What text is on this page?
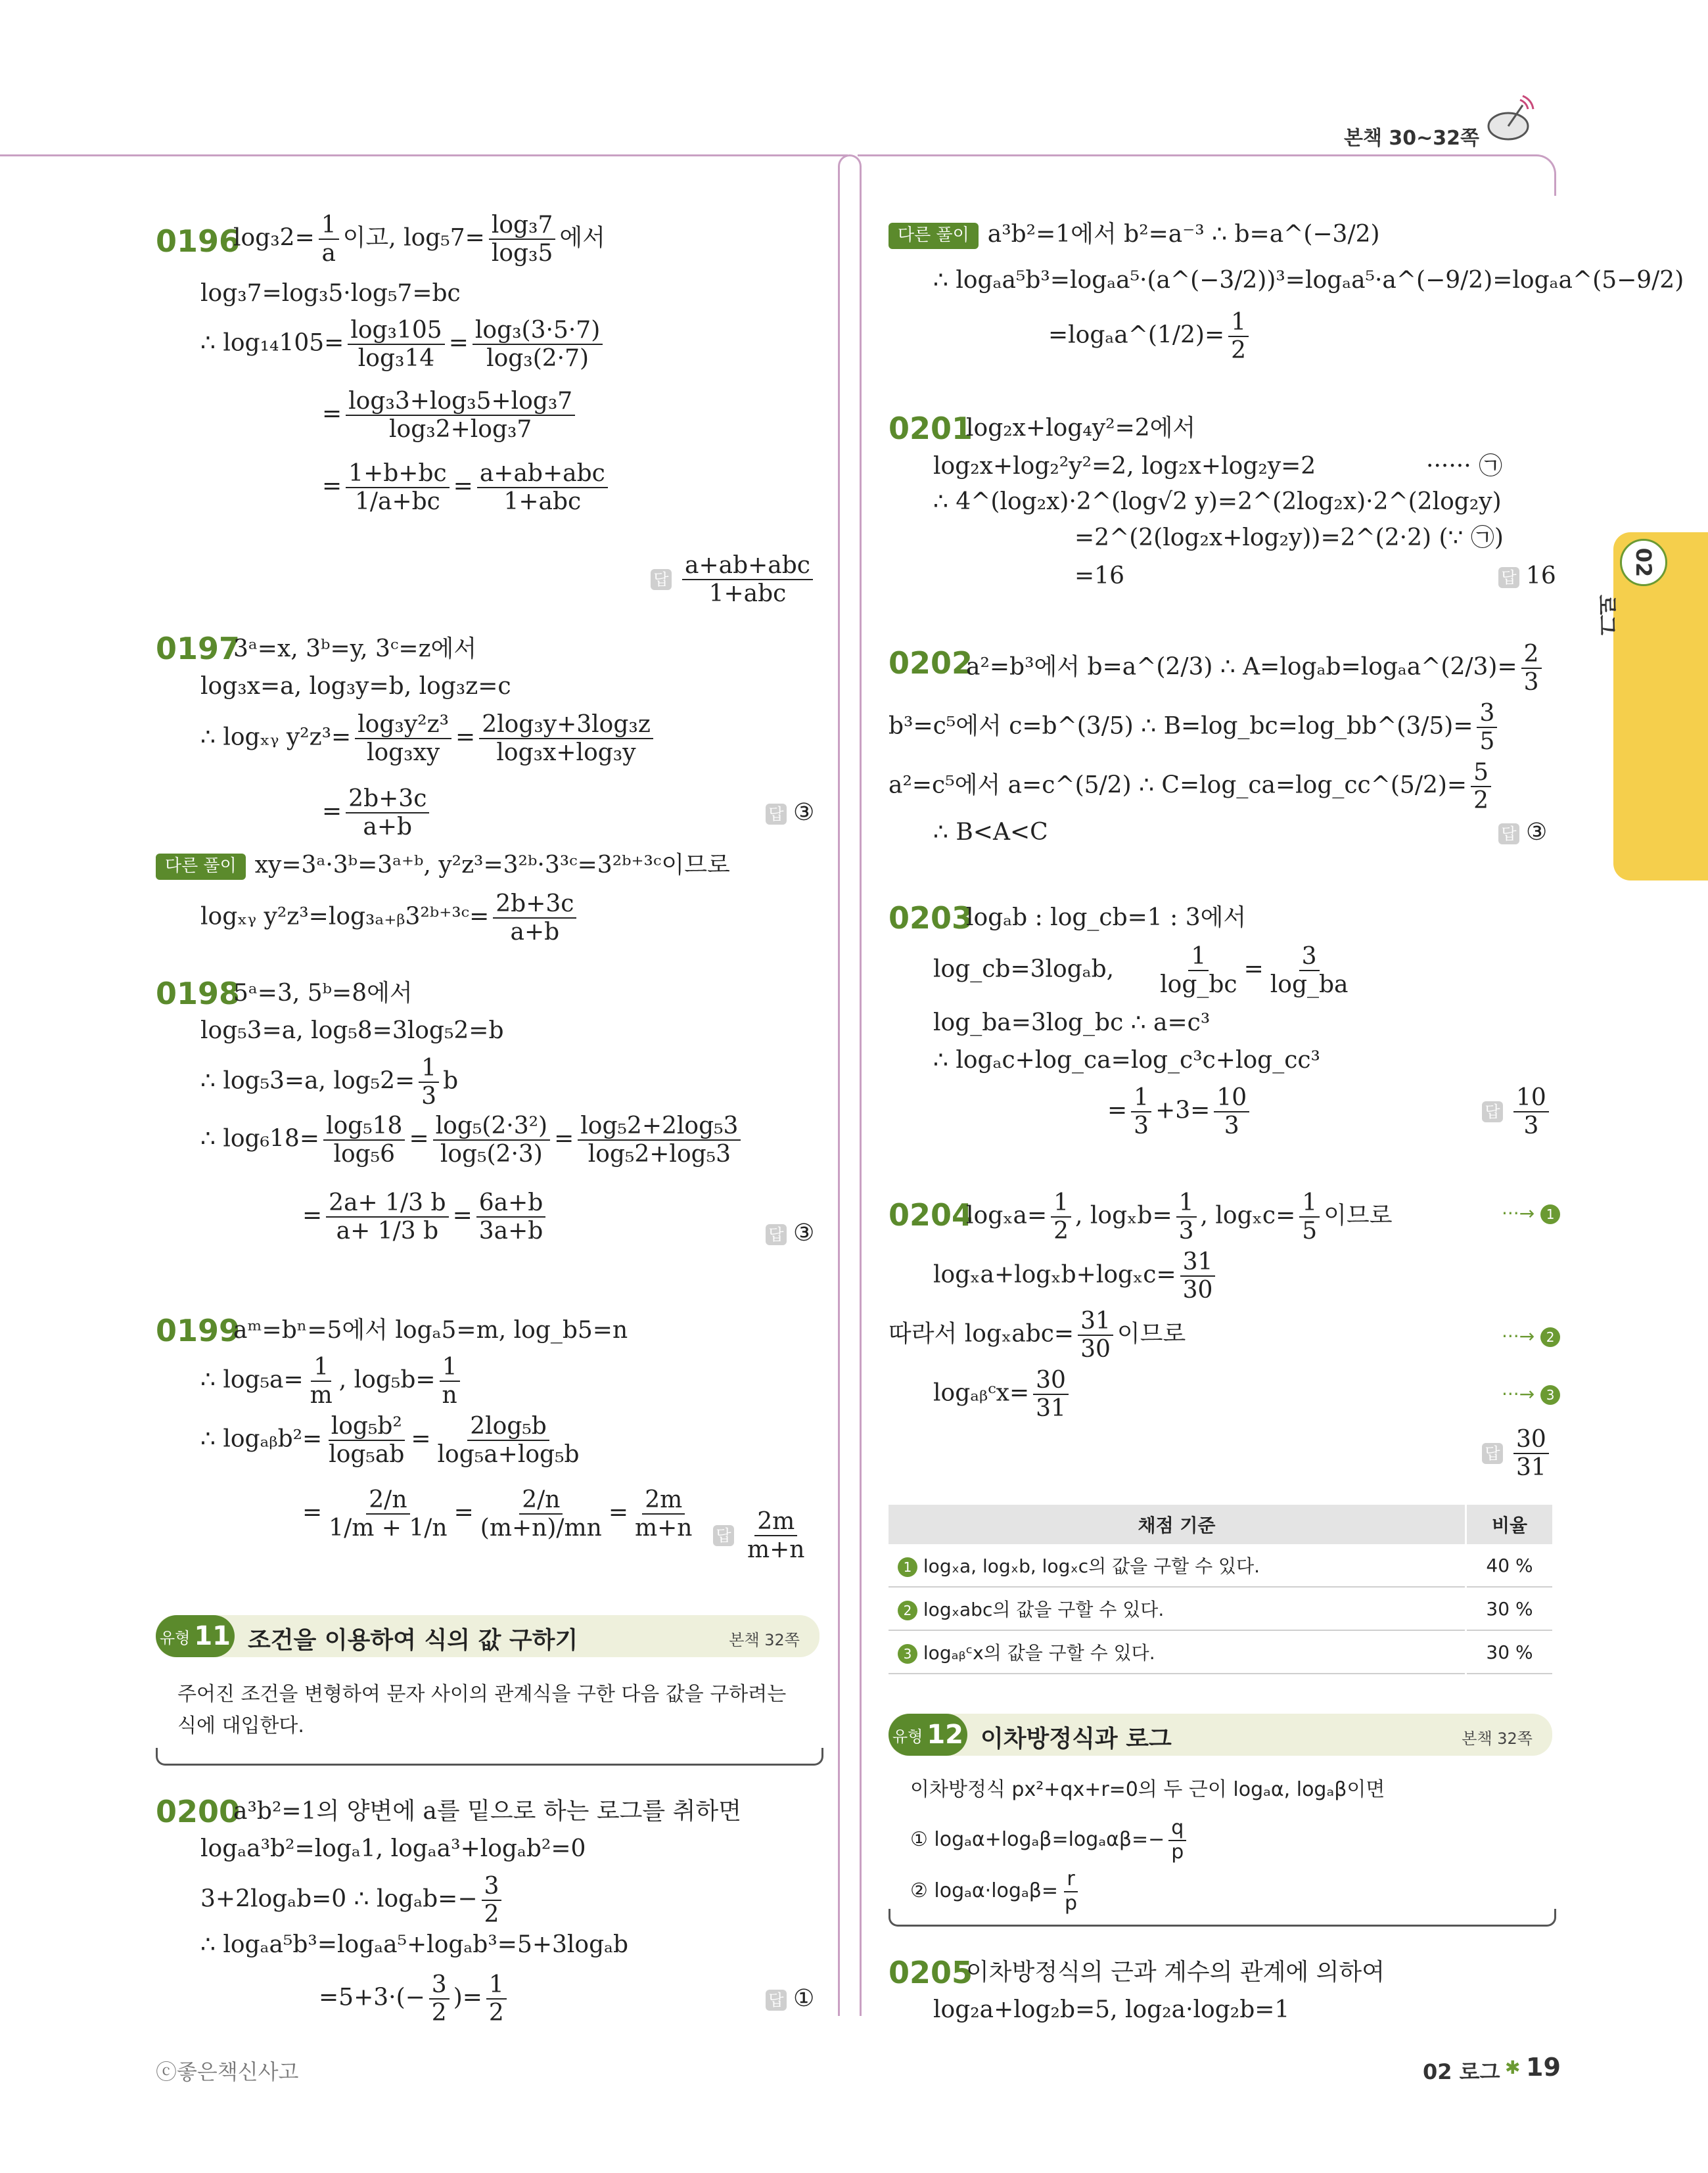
본책 30~32쪽
02
로그
0196
$\log_32= \frac{1}{a}$ 이고, $\log_57= \frac{\text{log₃7}}{\text{log₃5}}$ 에서
log₃7=log₃5·log₅7=bc
∴ $\log_{14}105= \frac{\text{log₃105}}{\text{log₃14}} = \frac{\text{log₃(3·5·7)}}{\text{log₃(2·7)}}$
= $\frac{\text{log₃3+log₃5+log₃7}}{\text{log₃2+log₃7}}$
= $\frac{1+b+bc}{1/a+bc} = \frac{\text{a+ab+abc}}{\text{1+abc}}$
답 $\frac{\text{a+ab+abc}}{\text{1+abc}}$
0197
3ᵃ=x, 3ᵇ=y, 3ᶜ=z에서
log₃x=a, log₃y=b, log₃z=c
∴ logₓᵧ $y^2z^3= \frac{\text{log₃y²z³}}{\text{log₃xy}} = \frac{\text{2log₃y+3log₃z}}{\text{log₃x+log₃y}}$
= $\frac{2b+3c}{a+b}$	답 ③
다른 풀이 xy=3ᵃ·3ᵇ=3ᵃ⁺ᵇ, y²z³=3²ᵇ·3³ᶜ=3²ᵇ⁺³ᶜ이므로
logₓᵧ y²z³=log₃ₐ₊ᵦ3²ᵇ⁺³ᶜ= $\frac{2b+3c}{a+b}$
0198
5ᵃ=3, 5ᵇ=8에서
log₅3=a, log₅8=3log₅2=b
∴ log₅3=a, $\log_52= \frac{1}{3}$ b
∴ $\log_618= \frac{\text{log₅18}}{\text{log₅6}} = \frac{\text{log₅(2·3²)}}{\text{log₅(2·3)}} = \frac{\text{log₅2+2log₅3}}{\text{log₅2+log₅3}}$
= $\frac{2a+ 1/3 b}{a+ 1/3 b} = \frac{6a+b}{3a+b}$	답 ③
0199
aᵐ=bⁿ=5에서 logₐ5=m, log_b5=n
∴ $\log_5a= \frac{1}{m}$ , $\log_5b= \frac{1}{n}$
∴ logₐᵦb²= $\frac{\text{log₅b²}}{\text{log₅ab}} = \frac{\text{2log₅b}}{\text{log₅a+log₅b}}$
= $\frac{2/n}{1/m + 1/n} = \frac{2/n}{(m+n)/mn} = \frac{2m}{m+n}$ 답 $\frac{2m}{m+n}$
유형 11 조건을 이용하여 식의 값 구하기	본책 32쪽
주어진 조건을 변형하여 문자 사이의 관계식을 구한 다음 값을 구하려는
식에 대입한다.
0200
a³b²=1의 양변에 a를 밑으로 하는 로그를 취하면
logₐa³b²=logₐ1, logₐa³+logₐb²=0
3+2logₐb=0 ∴ $\log_ab=- \frac{3}{2}$
∴ logₐa⁵b³=logₐa⁵+logₐb³=5+3logₐb
$=5+3\cdot(- \frac{3}{2}$ )= $\frac{1}{2}$	답 ①
다른 풀이 a³b²=1에서 b²=a⁻³ ∴ b=a^(−3/2)
∴ logₐa⁵b³=logₐa⁵·(a^(−3/2))³=logₐa⁵·a^(−9/2)=logₐa^(5−9/2)
=logₐa^(1/2)= $\frac{1}{2}$
0201
log₂x+log₄y²=2에서
log₂x+log₂²y²=2, log₂x+log₂y=2	······ ㉠
∴ 4^(log₂x)·2^(log√2 y)=2^(2log₂x)·2^(2log₂y)
=2^(2(log₂x+log₂y))=2^(2·2) (∵ ㉠)
=16	답 16
0202
a²=b³에서 b=a^(2/3) ∴ A=logₐb=logₐa^(2/3)= $\frac{2}{3}$
b³=c⁵에서 c=b^(3/5) ∴ B=log_bc=log_bb^(3/5)= $\frac{3}{5}$
a²=c⁵에서 a=c^(5/2) ∴ C=log_ca=log_cc^(5/2)= $\frac{5}{2}$
∴ B<A<C	답 ③
0203
logₐb : log_cb=1 : 3에서
log_cb=3logₐb, $\frac{1}{\log\_bc} = \frac{3}{\log\_ba}$
log_ba=3log_bc ∴ a=c³
∴ logₐc+log_ca=log_c³c+log_cc³
= $\frac{1}{3} +3= \frac{10}{3}$	답 $\frac{10}{3}$
0204
$\log_xa= \frac{1}{2}$ , $\log_xb= \frac{1}{3}$ , $\log_xc= \frac{1}{5}$ 이므로	···→ 1
$\log_xa+\log_xb+\log_xc= \frac{31}{30}$
따라서 $\log_xabc= \frac{31}{30}$ 이므로	···→ 2
logₐᵦᶜx= $\frac{30}{31}$	···→ 3
답 $\frac{30}{31}$
채점 기준	비율
1 logₓa, logₓb, logₓc의 값을 구할 수 있다.	40 %
2 logₓabc의 값을 구할 수 있다.	30 %
3 logₐᵦᶜx의 값을 구할 수 있다.	30 %
유형 12 이차방정식과 로그	본책 32쪽
이차방정식 px²+qx+r=0의 두 근이 logₐα, logₐβ이면
① $\log_a\alpha+\log_a\beta=\log_a\alpha\beta=- \frac{q}{p}$
② $\log_a\alpha\cdot\log_a\beta= \frac{r}{p}$
0205
이차방정식의 근과 계수의 관계에 의하여
log₂a+log₂b=5, log₂a·log₂b=1
ⓒ좋은책신사고	02 로그 ✱ 19
